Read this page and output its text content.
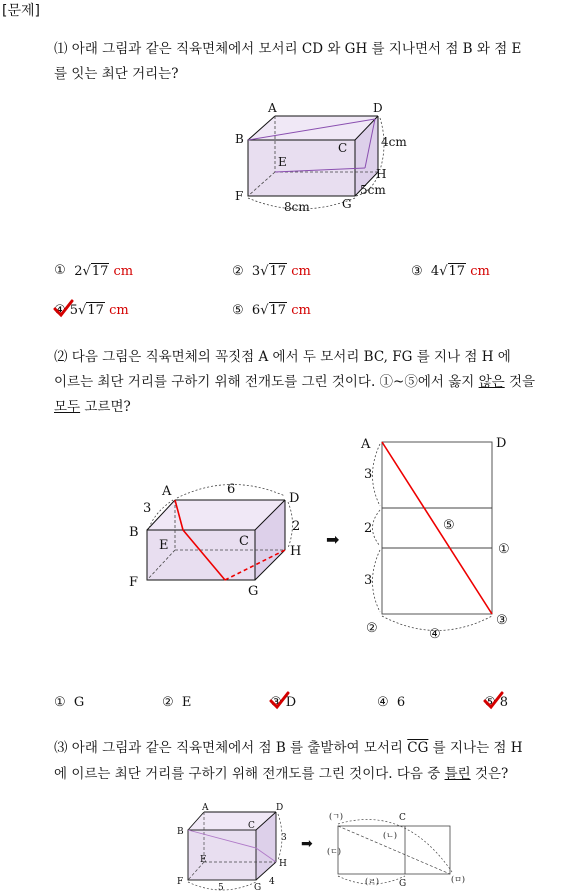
[문제]
⑴ 아래 그림과 같은 직육면체에서 모서리 CD 와 GH 를 지나면서 점 B 와 점 E
를 잇는 최단 거리는?
A	D
B
C
E
F
G
H
4cm
5cm
8cm
① 2√17 cm	② 3√17 cm	③ 4√17 cm
④ 5√17 cm	⑤ 6√17 cm
⑵ 다음 그림은 직육면체의 꼭짓점 A 에서 두 모서리 BC, FG 를 지나 점 H 에
이르는 최단 거리를 구하기 위해 전개도를 그린 것이다. ①~⑤에서 옳지 않은 것을
모두 고르면?
A	D
B
C
E
F
G
H
6
3
2
➡
A	D
3
2
3
⑤
①
②	④
③
① G	② E	③ D	④ 6	⑤ 8
⑶ 아래 그림과 같은 직육면체에서 점 B 를 출발하여 모서리 $\overline{CG}$ 를 지나는 점 H
에 이르는 최단 거리를 구하기 위해 전개도를 그린 것이다. 다음 중 틀린 것은?
A	D
B
C
E
F
G
H
3
4
5
➡
(ㄱ)	C
(ㄴ)
(ㄷ)
(ㄹ) G	(ㅁ)
